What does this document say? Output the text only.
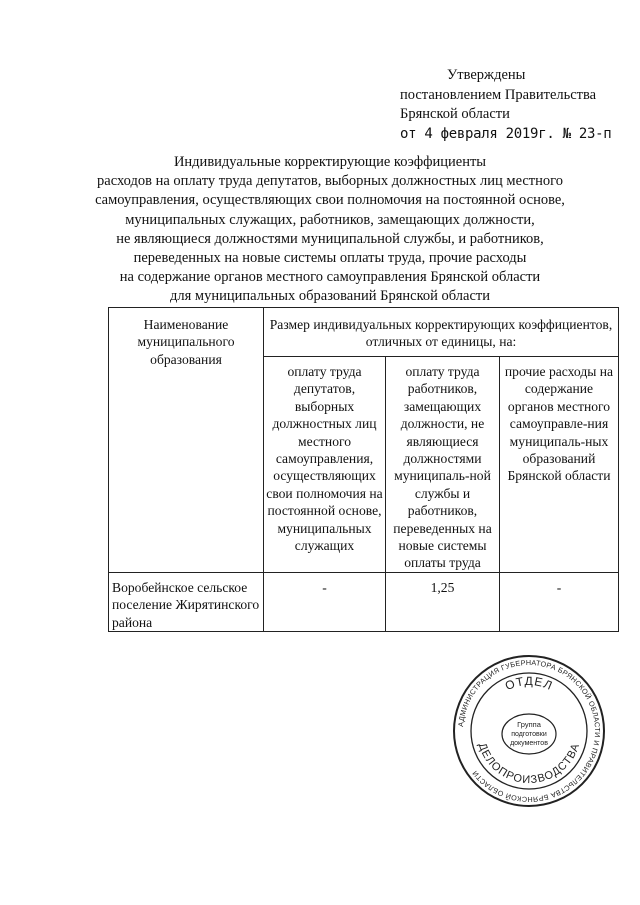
Утверждены
постановлением Правительства
Брянской области
от 4 февраля 2019г. № 23-п
Индивидуальные корректирующие коэффициенты
расходов на оплату труда депутатов, выборных должностных лиц местного
самоуправления, осуществляющих свои полномочия на постоянной основе,
муниципальных служащих, работников, замещающих должности,
не являющиеся должностями муниципальной службы, и работников,
переведенных на новые системы оплаты труда, прочие расходы
на содержание органов местного самоуправления Брянской области
для муниципальных образований Брянской области
Наименование муниципального образования	Размер индивидуальных корректирующих коэффициентов, отличных от единицы, на:		
	оплату труда депутатов, выборных должностных лиц местного самоуправления, осуществляющих свои полномочия на постоянной основе, муниципальных служащих	оплату труда работников, замещающих должности, не являющиеся должностями муниципаль-ной службы и работников, переведенных на новые системы оплаты труда	прочие расходы на содержание органов местного самоуправле-ния муниципаль-ных образований Брянской области
Воробейнское сельское поселение Жирятинского района	-	1,25	-
АДМИНИСТРАЦИЯ ГУБЕРНАТОРА БРЯНСКОЙ ОБЛАСТИ И ПРАВИТЕЛЬСТВА БРЯНСКОЙ ОБЛАСТИ
ОТДЕЛ
ДЕЛОПРОИЗВОДСТВА
Группа
подготовки
документов
